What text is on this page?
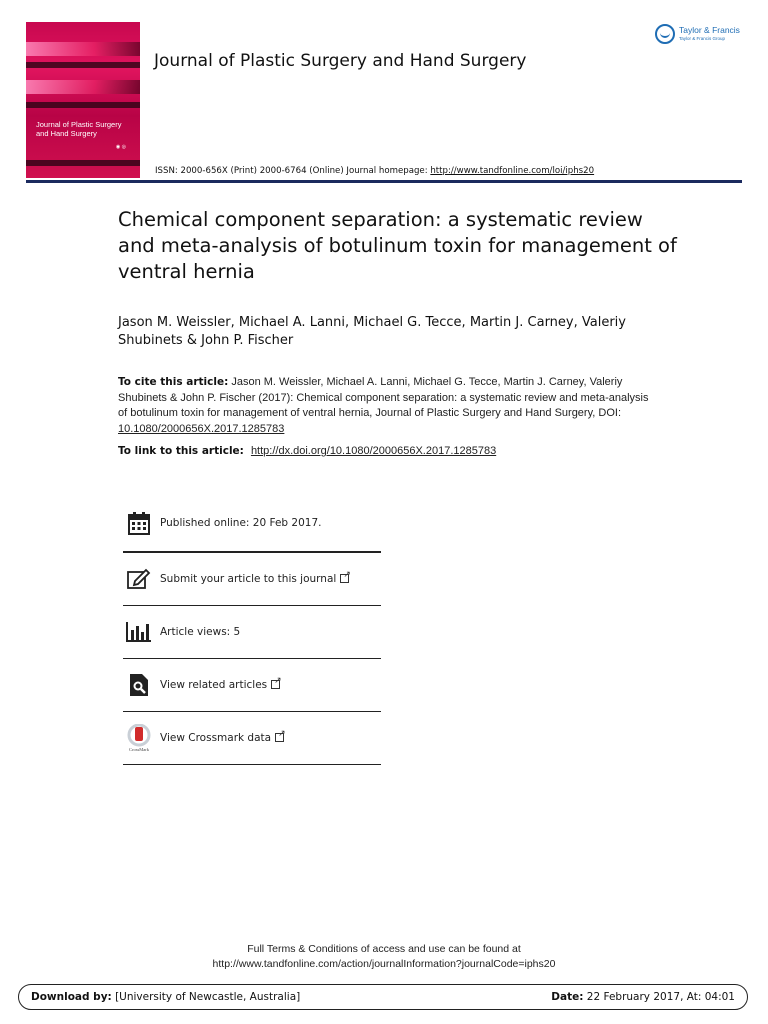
Journal of Plastic Surgery and Hand Surgery
◉ ◎
Journal of Plastic Surgery and Hand Surgery
Taylor & Francis
Taylor & Francis Group
ISSN: 2000-656X (Print) 2000-6764 (Online) Journal homepage: http://www.tandfonline.com/loi/iphs20
Chemical component separation: a systematic review and meta-analysis of botulinum toxin for management of ventral hernia
Jason M. Weissler, Michael A. Lanni, Michael G. Tecce, Martin J. Carney, Valeriy Shubinets & John P. Fischer
To cite this article: Jason M. Weissler, Michael A. Lanni, Michael G. Tecce, Martin J. Carney, Valeriy Shubinets & John P. Fischer (2017): Chemical component separation: a systematic review and meta-analysis of botulinum toxin for management of ventral hernia, Journal of Plastic Surgery and Hand Surgery, DOI: 10.1080/2000656X.2017.1285783
To link to this article: http://dx.doi.org/10.1080/2000656X.2017.1285783
Published online: 20 Feb 2017.
Submit your article to this journal↗
Article views: 5
View related articles↗
CrossMark
View Crossmark data↗
Full Terms & Conditions of access and use can be found at
http://www.tandfonline.com/action/journalInformation?journalCode=iphs20
Download by: [University of Newcastle, Australia]	Date: 22 February 2017, At: 04:01
